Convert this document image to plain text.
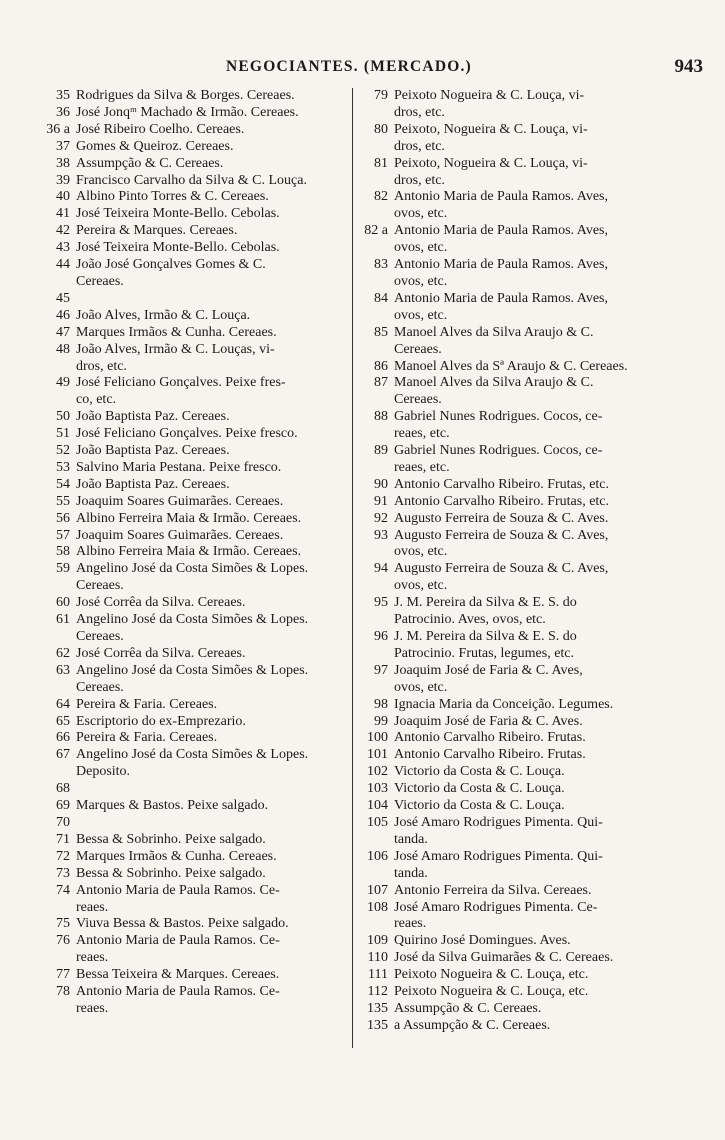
NEGOCIANTES. (MERCADO.)	943
35 Rodrigues da Silva & Borges. Cereaes.
36 José Jonqᵐ Machado & Irmão. Cereaes.
36 a José Ribeiro Coelho. Cereaes.
37 Gomes & Queiroz. Cereaes.
38 Assumpção & C. Cereaes.
39 Francisco Carvalho da Silva & C. Louça.
40 Albino Pinto Torres & C. Cereaes.
41 José Teixeira Monte-Bello. Cebolas.
42 Pereira & Marques. Cereaes.
43 José Teixeira Monte-Bello. Cebolas.
44 João José Gonçalves Gomes & C.
Cereaes.
45

46 João Alves, Irmão & C. Louça.
47 Marques Irmãos & Cunha. Cereaes.
48 João Alves, Irmão & C. Louças, vi-
dros, etc.
49 José Feliciano Gonçalves. Peixe fres-
co, etc.
50 João Baptista Paz. Cereaes.
51 José Feliciano Gonçalves. Peixe fresco.
52 João Baptista Paz. Cereaes.
53 Salvino Maria Pestana. Peixe fresco.
54 João Baptista Paz. Cereaes.
55 Joaquim Soares Guimarães. Cereaes.
56 Albino Ferreira Maia & Irmão. Cereaes.
57 Joaquim Soares Guimarães. Cereaes.
58 Albino Ferreira Maia & Irmão. Cereaes.
59 Angelino José da Costa Simões & Lopes.
Cereaes.
60 José Corrêa da Silva. Cereaes.
61 Angelino José da Costa Simões & Lopes.
Cereaes.
62 José Corrêa da Silva. Cereaes.
63 Angelino José da Costa Simões & Lopes.
Cereaes.
64 Pereira & Faria. Cereaes.
65 Escriptorio do ex-Emprezario.
66 Pereira & Faria. Cereaes.
67 Angelino José da Costa Simões & Lopes.
Deposito.
68

69 Marques & Bastos. Peixe salgado.
70

71 Bessa & Sobrinho. Peixe salgado.
72 Marques Irmãos & Cunha. Cereaes.
73 Bessa & Sobrinho. Peixe salgado.
74 Antonio Maria de Paula Ramos. Ce-
reaes.
75 Viuva Bessa & Bastos. Peixe salgado.
76 Antonio Maria de Paula Ramos. Ce-
reaes.
77 Bessa Teixeira & Marques. Cereaes.
78 Antonio Maria de Paula Ramos. Ce-
reaes.
79 Peixoto Nogueira & C. Louça, vi-
dros, etc.
80 Peixoto, Nogueira & C. Louça, vi-
dros, etc.
81 Peixoto, Nogueira & C. Louça, vi-
dros, etc.
82 Antonio Maria de Paula Ramos. Aves,
ovos, etc.
82 a Antonio Maria de Paula Ramos. Aves,
ovos, etc.
83 Antonio Maria de Paula Ramos. Aves,
ovos, etc.
84 Antonio Maria de Paula Ramos. Aves,
ovos, etc.
85 Manoel Alves da Silva Araujo & C.
Cereaes.
86 Manoel Alves da Sª Araujo & C. Cereaes.
87 Manoel Alves da Silva Araujo & C.
Cereaes.
88 Gabriel Nunes Rodrigues. Cocos, ce-
reaes, etc.
89 Gabriel Nunes Rodrigues. Cocos, ce-
reaes, etc.
90 Antonio Carvalho Ribeiro. Frutas, etc.
91 Antonio Carvalho Ribeiro. Frutas, etc.
92 Augusto Ferreira de Souza & C. Aves.
93 Augusto Ferreira de Souza & C. Aves,
ovos, etc.
94 Augusto Ferreira de Souza & C. Aves,
ovos, etc.
95 J. M. Pereira da Silva & E. S. do
Patrocinio. Aves, ovos, etc.
96 J. M. Pereira da Silva & E. S. do
Patrocinio. Frutas, legumes, etc.
97 Joaquim José de Faria & C. Aves,
ovos, etc.
98 Ignacia Maria da Conceição. Legumes.
99 Joaquim José de Faria & C. Aves.
100 Antonio Carvalho Ribeiro. Frutas.
101 Antonio Carvalho Ribeiro. Frutas.
102 Victorio da Costa & C. Louça.
103 Victorio da Costa & C. Louça.
104 Victorio da Costa & C. Louça.
105 José Amaro Rodrigues Pimenta. Qui-
tanda.
106 José Amaro Rodrigues Pimenta. Qui-
tanda.
107 Antonio Ferreira da Silva. Cereaes.
108 José Amaro Rodrigues Pimenta. Ce-
reaes.
109 Quirino José Domingues. Aves.
110 José da Silva Guimarães & C. Cereaes.
111 Peixoto Nogueira & C. Louça, etc.
112 Peixoto Nogueira & C. Louça, etc.
135 Assumpção & C. Cereaes.
135 a Assumpção & C. Cereaes.
